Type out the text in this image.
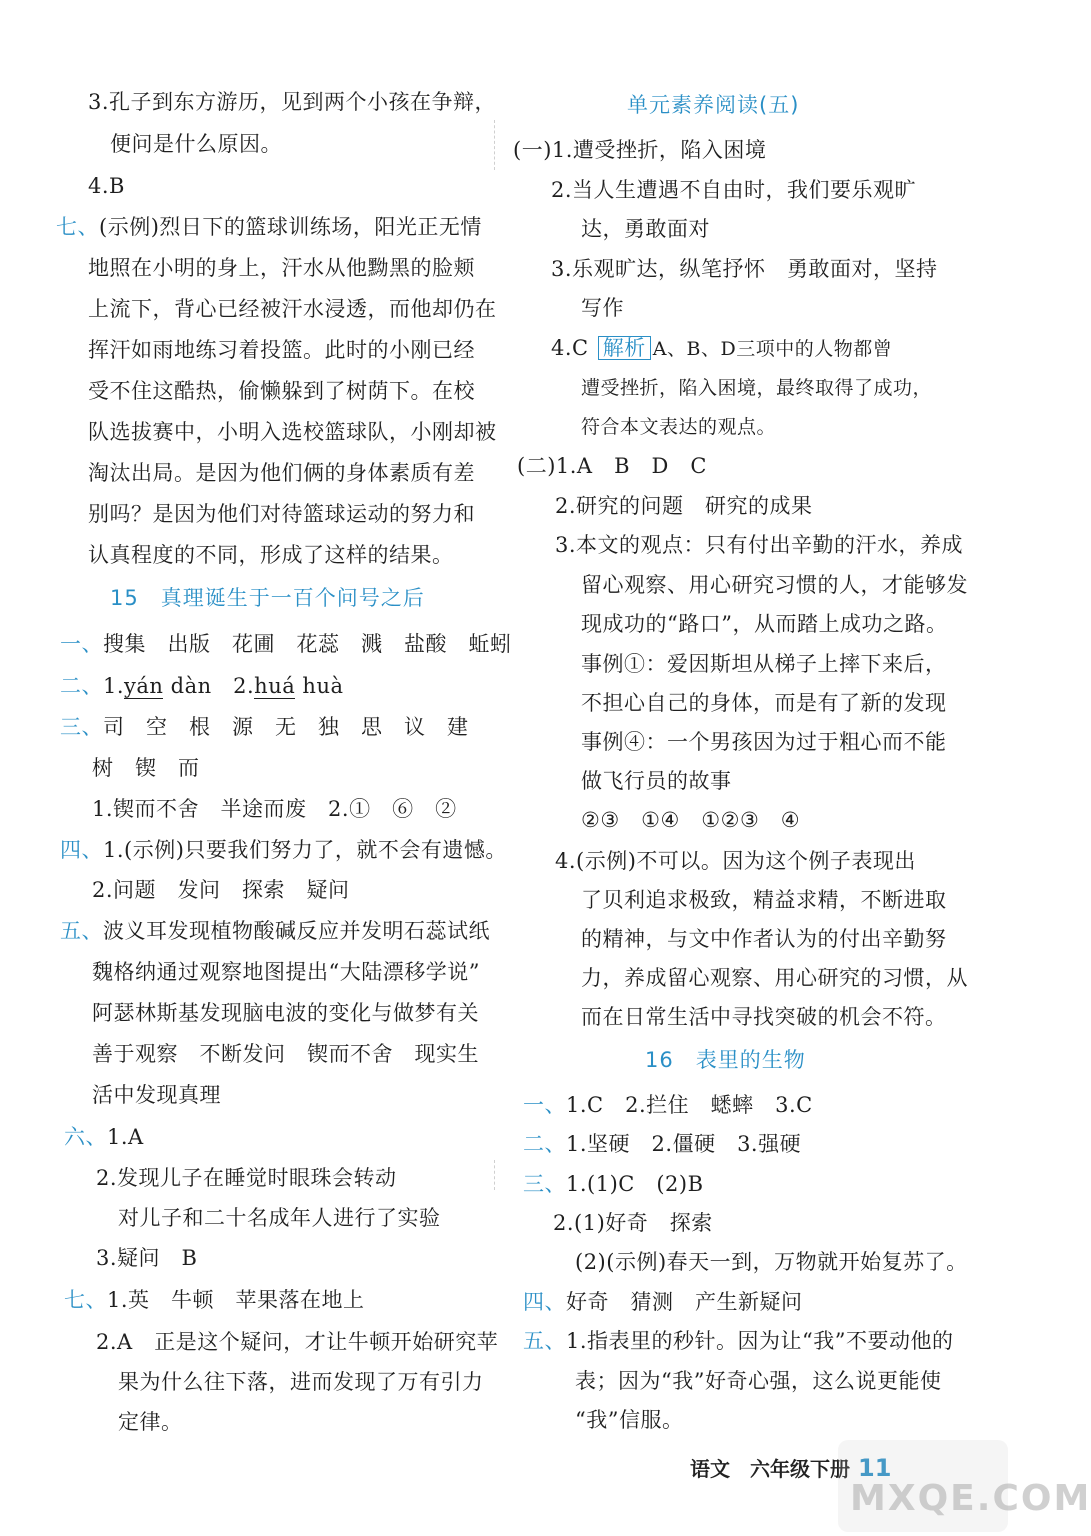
3.孔子到东方游历，见到两个小孩在争辩，
便问是什么原因。
4.B
七、(示例)烈日下的篮球训练场，阳光正无情
地照在小明的身上，汗水从他黝黑的脸颊
上流下，背心已经被汗水浸透，而他却仍在
挥汗如雨地练习着投篮。此时的小刚已经
受不住这酷热，偷懒躲到了树荫下。在校
队选拔赛中，小明入选校篮球队，小刚却被
淘汰出局。是因为他们俩的身体素质有差
别吗？是因为他们对待篮球运动的努力和
认真程度的不同，形成了这样的结果。
15　真理诞生于一百个问号之后
一、搜集　出版　花圃　花蕊　溅　盐酸　蚯蚓
二、1.yán dàn　2.huá huà
三、司　空　根　源　无　独　思　议　建
树　锲　而
1.锲而不舍　半途而废　2.①　⑥　②
四、1.(示例)只要我们努力了，就不会有遗憾。
2.问题　发问　探索　疑问
五、波义耳发现植物酸碱反应并发明石蕊试纸
魏格纳通过观察地图提出“大陆漂移学说”
阿瑟林斯基发现脑电波的变化与做梦有关
善于观察　不断发问　锲而不舍　现实生
活中发现真理
六、1.A
2.发现儿子在睡觉时眼珠会转动
对儿子和二十名成年人进行了实验
3.疑问　B
七、1.英　牛顿　苹果落在地上
2.A　正是这个疑问，才让牛顿开始研究苹
果为什么往下落，进而发现了万有引力
定律。
单元素养阅读(五)
(一)1.遭受挫折，陷入困境
2.当人生遭遇不自由时，我们要乐观旷
达，勇敢面对
3.乐观旷达，纵笔抒怀　勇敢面对，坚持
写作
4.C 解析 A、B、D三项中的人物都曾
遭受挫折，陷入困境，最终取得了成功，
符合本文表达的观点。
(二)1.A　B　D　C
2.研究的问题　研究的成果
3.本文的观点：只有付出辛勤的汗水，养成
留心观察、用心研究习惯的人，才能够发
现成功的“路口”，从而踏上成功之路。
事例①：爱因斯坦从梯子上摔下来后，
不担心自己的身体，而是有了新的发现
事例④：一个男孩因为过于粗心而不能
做飞行员的故事
②③　①④　①②③　④
4.(示例)不可以。因为这个例子表现出
了贝利追求极致，精益求精，不断进取
的精神，与文中作者认为的付出辛勤努
力，养成留心观察、用心研究的习惯，从
而在日常生活中寻找突破的机会不符。
16　表里的生物
一、1.C　2.拦住　蟋蟀　3.C
二、1.坚硬　2.僵硬　3.强硬
三、1.(1)C　(2)B
2.(1)好奇　探索
(2)(示例)春天一到，万物就开始复苏了。
四、好奇　猜测　产生新疑问
五、1.指表里的秒针。因为让“我”不要动他的
表；因为“我”好奇心强，这么说更能使
“我”信服。
语文　六年级下册 11
MXQE.COM
